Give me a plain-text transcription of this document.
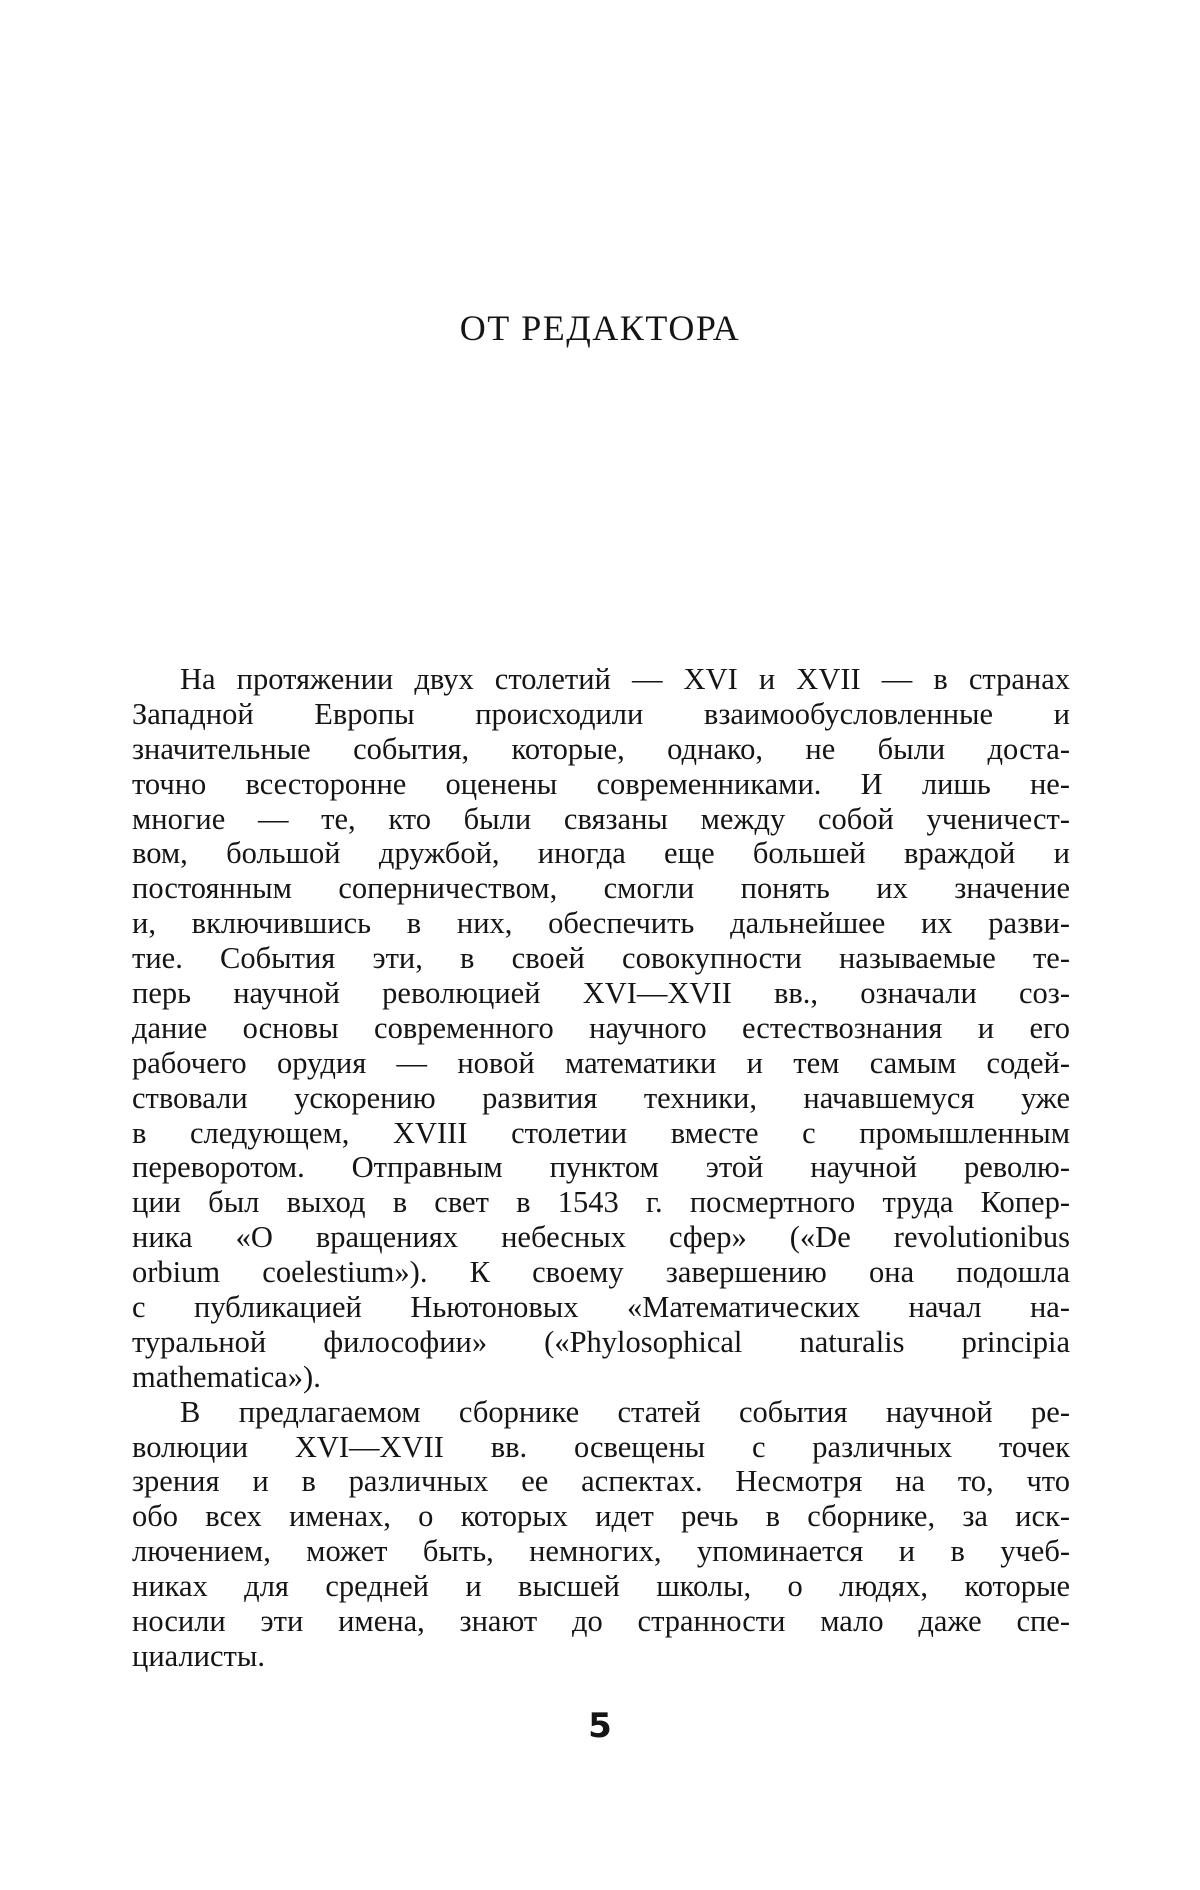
ОТ РЕДАКТОРА
На протяжении двух столетий — XVI и XVII — в странах
Западной Европы происходили взаимообусловленные и
значительные события, которые, однако, не были доста-
точно всесторонне оценены современниками. И лишь не-
многие — те, кто были связаны между собой ученичест-
вом, большой дружбой, иногда еще большей враждой и
постоянным соперничеством, смогли понять их значение
и, включившись в них, обеспечить дальнейшее их разви-
тие. События эти, в своей совокупности называемые те-
перь научной революцией XVI—XVII вв., означали соз-
дание основы современного научного естествознания и его
рабочего орудия — новой математики и тем самым содей-
ствовали ускорению развития техники, начавшемуся уже
в следующем, XVIII столетии вместе с промышленным
переворотом. Отправным пунктом этой научной револю-
ции был выход в свет в 1543 г. посмертного труда Копер-
ника «О вращениях небесных сфер» («De revolutionibus
orbium coelestium»). К своему завершению она подошла
с публикацией Ньютоновых «Математических начал на-
туральной философии» («Phylosophical naturalis principia
mathematica»).
В предлагаемом сборнике статей события научной ре-
волюции XVI—XVII вв. освещены с различных точек
зрения и в различных ее аспектах. Несмотря на то, что
обо всех именах, о которых идет речь в сборнике, за иск-
лючением, может быть, немногих, упоминается и в учеб-
никах для средней и высшей школы, о людях, которые
носили эти имена, знают до странности мало даже спе-
циалисты.
5
